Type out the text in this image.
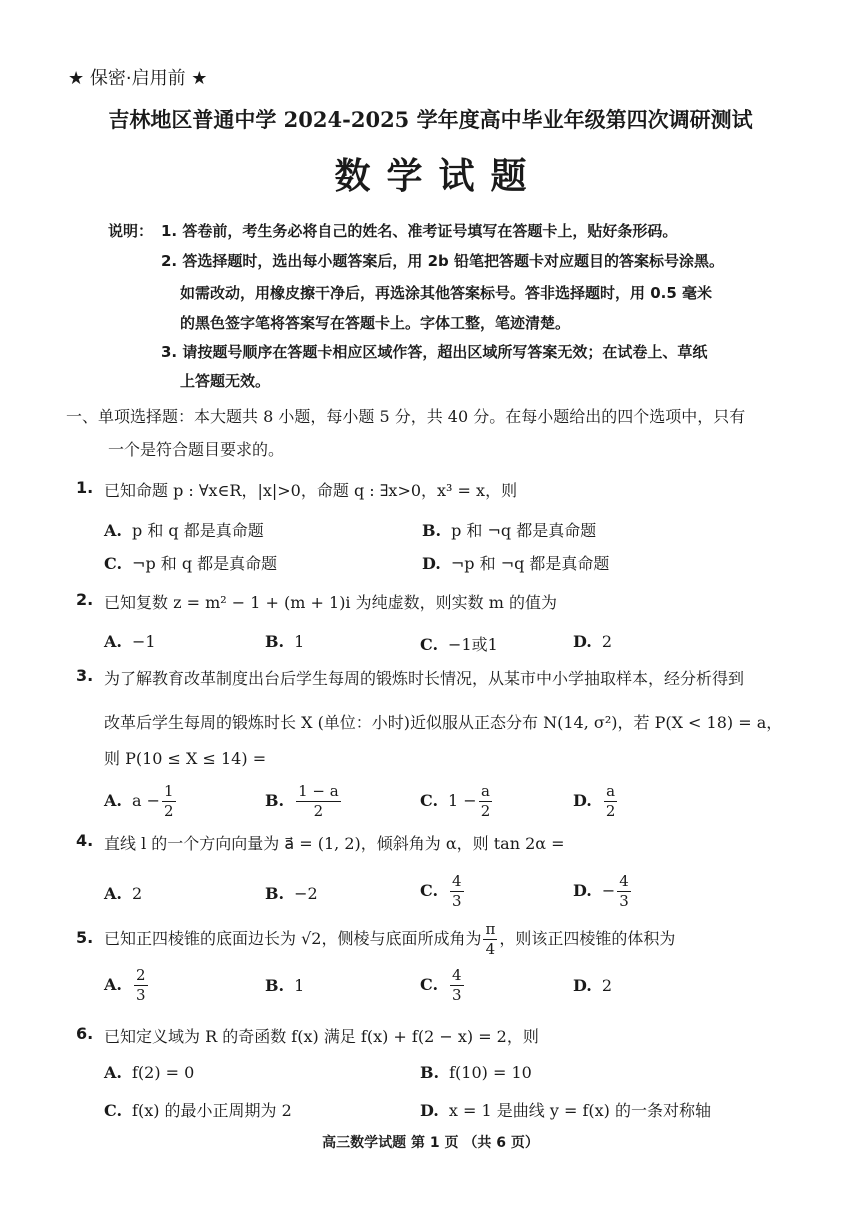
★ 保密·启用前 ★
吉林地区普通中学 2024-2025 学年度高中毕业年级第四次调研测试
数学试题
说明： 1. 答卷前，考生务必将自己的姓名、准考证号填写在答题卡上，贴好条形码。
2. 答选择题时，选出每小题答案后，用 2b 铅笔把答题卡对应题目的答案标号涂黑。
如需改动，用橡皮擦干净后，再选涂其他答案标号。答非选择题时，用 0.5 毫米
的黑色签字笔将答案写在答题卡上。字体工整，笔迹清楚。
3. 请按题号顺序在答题卡相应区域作答，超出区域所写答案无效；在试卷上、草纸
上答题无效。
一、单项选择题：本大题共 8 小题，每小题 5 分，共 40 分。在每小题给出的四个选项中，只有
一个是符合题目要求的。
1. 已知命题 p : ∀x∈R，|x|>0，命题 q : ∃x>0，x³ = x，则
A. p 和 q 都是真命题	B. p 和 ¬q 都是真命题
C. ¬p 和 q 都是真命题	D. ¬p 和 ¬q 都是真命题
2. 已知复数 z = m² − 1 + (m + 1)i 为纯虚数，则实数 m 的值为
A. −1	B. 1	C. −1或1	D. 2
3. 为了解教育改革制度出台后学生每周的锻炼时长情况，从某市中小学抽取样本，经分析得到
改革后学生每周的锻炼时长 X (单位：小时)近似服从正态分布 N(14, σ²)，若 P(X < 18) = a，
则 P(10 ≤ X ≤ 14) =
A. $a - \frac{1}{2}$	B. $\frac{1 - a}{2}$	C. $1 - \frac{a}{2}$	D. $\frac{a}{2}$
4. 直线 l 的一个方向向量为 a⃗ = (1, 2)，倾斜角为 α，则 tan 2α =
A. 2	B. −2	C. $\frac{4}{3}$	D. − $\frac{4}{3}$
5. 已知正四棱锥的底面边长为 √2，侧棱与底面所成角为 $\frac{\pi}{4}$ ，则该正四棱锥的体积为
A. $\frac{2}{3}$	B. 1	C. $\frac{4}{3}$	D. 2
6. 已知定义域为 R 的奇函数 f(x) 满足 f(x) + f(2 − x) = 2，则
A. f(2) = 0	B. f(10) = 10
C. f(x) 的最小正周期为 2	D. x = 1 是曲线 y = f(x) 的一条对称轴
高三数学试题 第 1 页 （共 6 页）
